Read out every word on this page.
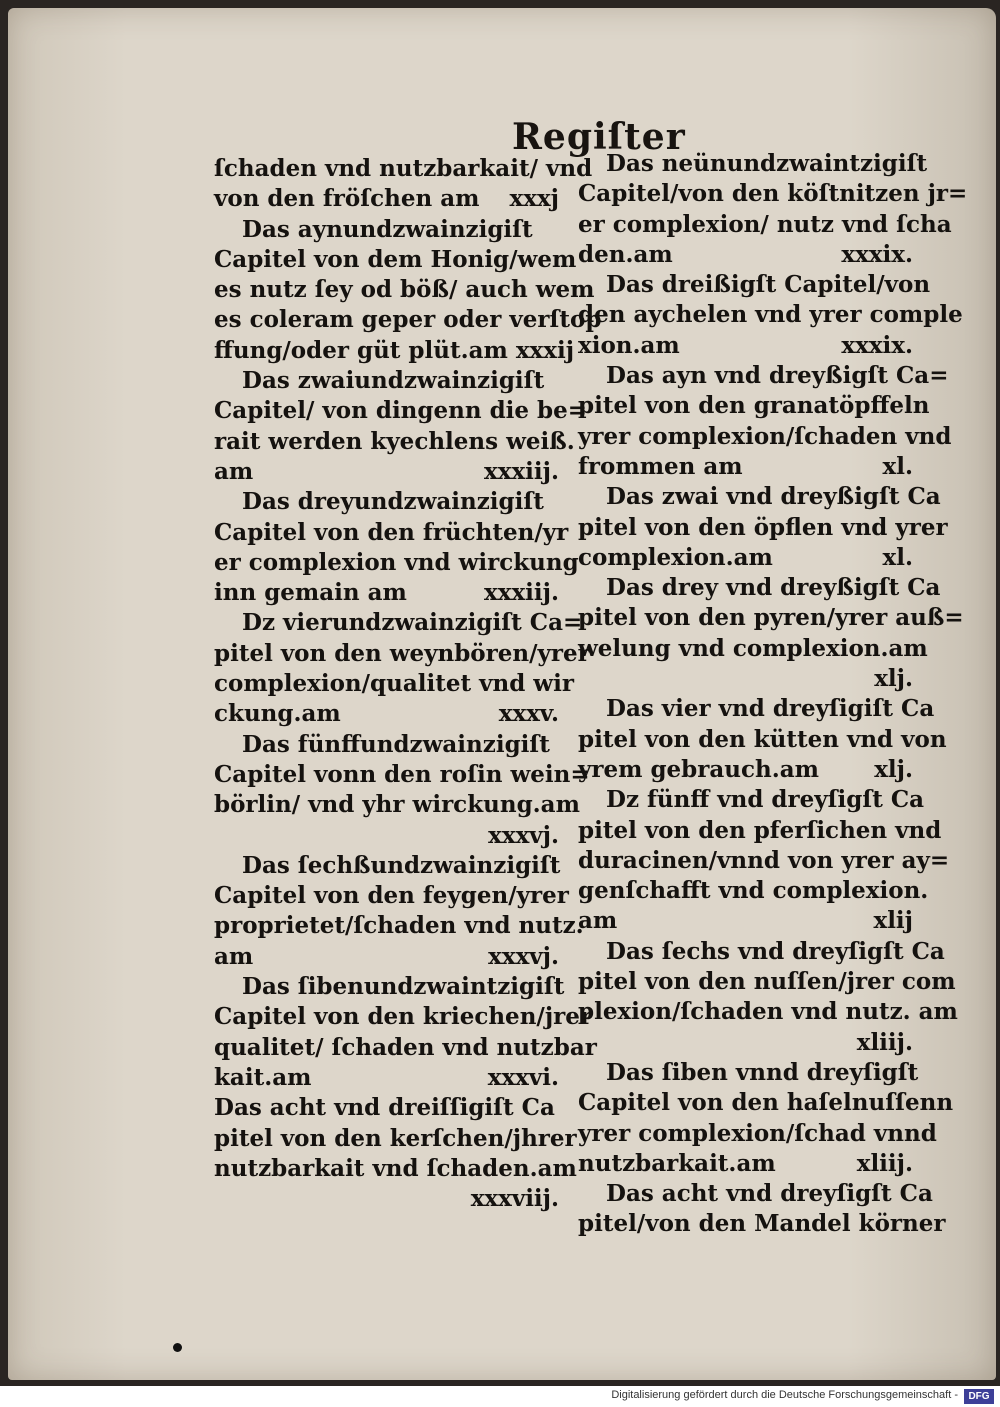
Regiſter
ſchaden vnd nutzbarkait/ vnd
von den fröſchen am xxxj
Das aynundzwainzigiſt
Capitel von dem Honig/wem
es nutz ſey od böß/ auch wem
es coleram geper oder verſtop
ffung/oder güt plüt.am xxxij
Das zwaiundzwainzigiſt
Capitel/ von dingenn die be=
rait werden kyechlens weiß.
am	xxxiij.
Das dreyundzwainzigiſt
Capitel von den früchten/yr
er complexion vnd wirckung
inn gemain am	xxxiij.
Dz vierundzwainzigiſt Ca=
pitel von den weynbören/yrer
complexion/qualitet vnd wir
ckung.am	xxxv.
Das fünffundzwainzigiſt
Capitel vonn den roſin wein=
börlin/ vnd yhr wirckung.am
xxxvj.
Das ſechßundzwainzigiſt
Capitel von den feygen/yrer
proprietet/ſchaden vnd nutz.
am	xxxvj.
Das ſibenundzwaintzigiſt
Capitel von den kriechen/jrer
qualitet/ ſchaden vnd nutzbar
kait.am	xxxvi.
Das acht vnd dreiſſigiſt Ca
pitel von den kerſchen/jhrer
nutzbarkait vnd ſchaden.am
xxxviij.
Das neünundzwaintzigiſt
Capitel/von den köſtnitzen jr=
er complexion/ nutz vnd ſcha
den.am	xxxix.
Das dreißigſt Capitel/von
den aychelen vnd yrer comple
xion.am	xxxix.
Das ayn vnd dreyßigſt Ca=
pitel von den granatöpffeln
yrer complexion/ſchaden vnd
frommen am	xl.
Das zwai vnd dreyßigſt Ca
pitel von den öpflen vnd yrer
complexion.am	xl.
Das drey vnd dreyßigſt Ca
pitel von den pyren/yrer auß=
welung vnd complexion.am
xlj.
Das vier vnd dreyſigiſt Ca
pitel von den kütten vnd von
yrem gebrauch.am xlj.
Dz fünff vnd dreyſigſt Ca
pitel von den pferſichen vnd
duracinen/vnnd von yrer ay=
genſchafft vnd complexion.
am	xlij
Das ſechs vnd dreyſigſt Ca
pitel von den nuſſen/jrer com
plexion/ſchaden vnd nutz. am
xliij.
Das ſiben vnnd dreyſigſt
Capitel von den haſelnuſſenn
yrer complexion/ſchad vnnd
nutzbarkait.am	xliij.
Das acht vnd dreyſigſt Ca
pitel/von den Mandel körner
Digitalisierung gefördert durch die Deutsche Forschungsgemeinschaft -	DFG
